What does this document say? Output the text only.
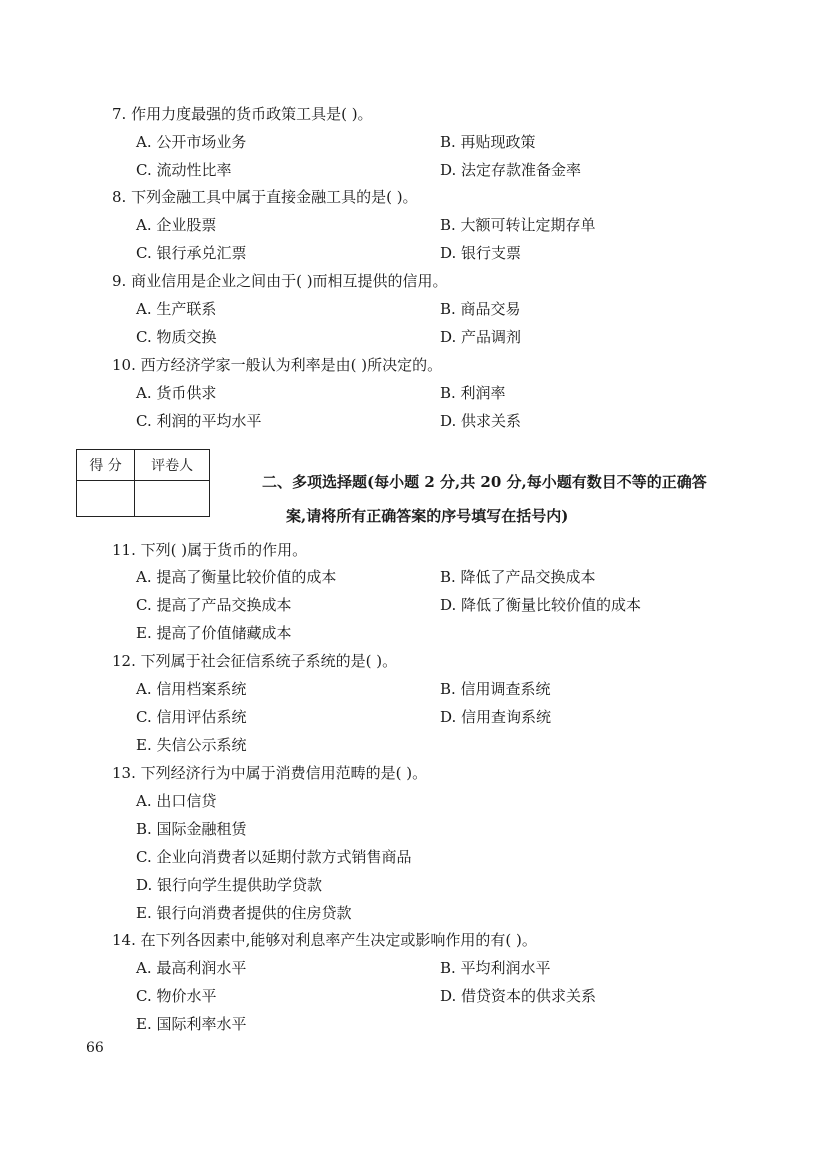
7. 作用力度最强的货币政策工具是( )。
A. 公开市场业务	B. 再贴现政策
C. 流动性比率	D. 法定存款准备金率
8. 下列金融工具中属于直接金融工具的是( )。
A. 企业股票	B. 大额可转让定期存单
C. 银行承兑汇票	D. 银行支票
9. 商业信用是企业之间由于( )而相互提供的信用。
A. 生产联系	B. 商品交易
C. 物质交换	D. 产品调剂
10. 西方经济学家一般认为利率是由( )所决定的。
A. 货币供求	B. 利润率
C. 利润的平均水平	D. 供求关系
得 分	评卷人

二、多项选择题(每小题 2 分,共 20 分,每小题有数目不等的正确答
案,请将所有正确答案的序号填写在括号内)
11. 下列( )属于货币的作用。
A. 提高了衡量比较价值的成本	B. 降低了产品交换成本
C. 提高了产品交换成本	D. 降低了衡量比较价值的成本
E. 提高了价值储藏成本
12. 下列属于社会征信系统子系统的是( )。
A. 信用档案系统	B. 信用调查系统
C. 信用评估系统	D. 信用查询系统
E. 失信公示系统
13. 下列经济行为中属于消费信用范畴的是( )。
A. 出口信贷
B. 国际金融租赁
C. 企业向消费者以延期付款方式销售商品
D. 银行向学生提供助学贷款
E. 银行向消费者提供的住房贷款
14. 在下列各因素中,能够对利息率产生决定或影响作用的有( )。
A. 最高利润水平	B. 平均利润水平
C. 物价水平	D. 借贷资本的供求关系
E. 国际利率水平
66
